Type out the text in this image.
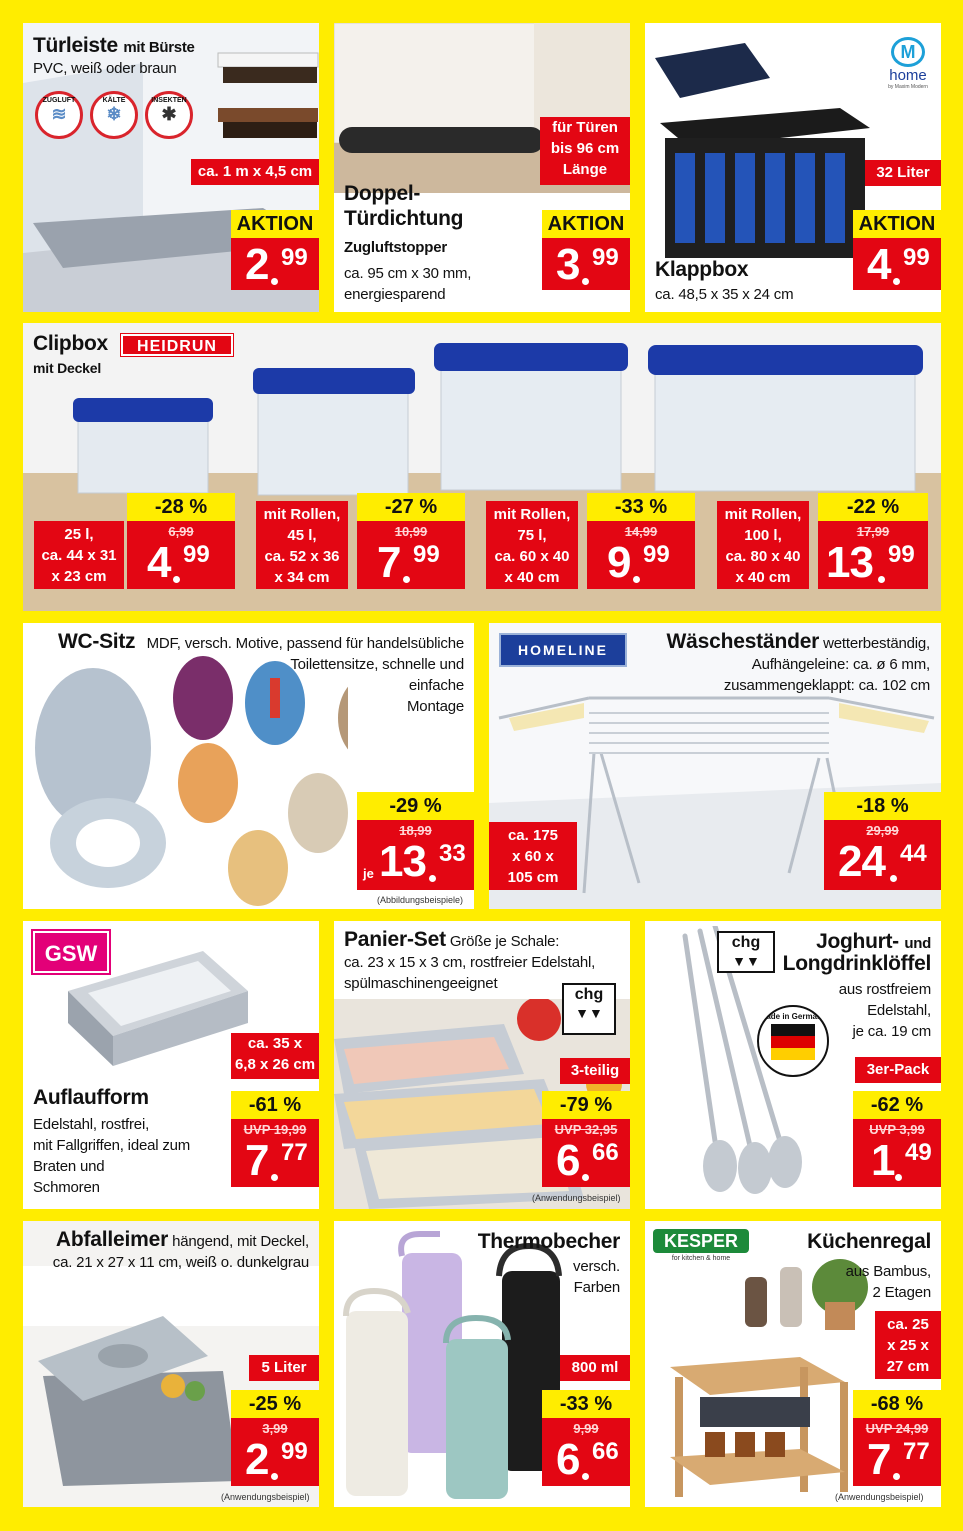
Türleiste mit Bürste
PVC, weiß oder braun
ZUGLUFT
≋
KÄLTE
❄
INSEKTEN
✱
ca. 1 m x 4,5 cm
AKTION
2 99
für Türen
bis 96 cm
Länge
Doppel-
Türdichtung
Zugluftstopper
ca. 95 cm x 30 mm,
energiesparend
AKTION
3 99
M
home
by Maxim Modern
32 Liter
Klappbox
ca. 48,5 x 35 x 24 cm
AKTION
4 99
Clipbox	HEIDRUN
mit Deckel
25 l,
ca. 44 x 31
x 23 cm
-28 %
6,99
4 99
mit Rollen,
45 l,
ca. 52 x 36
x 34 cm
-27 %
10,99
7 99
mit Rollen,
75 l,
ca. 60 x 40
x 40 cm
-33 %
14,99
9 99
mit Rollen,
100 l,
ca. 80 x 40
x 40 cm
-22 %
17,99
13 99
WC-Sitz MDF, versch. Motive, passend für handelsübliche
Toilettensitze, schnelle und
einfache
Montage
-29 %
18,99
je 13 33
(Abbildungsbeispiele)
HOMELINE	Wäscheständer wetterbeständig,
Aufhängeleine: ca. ø 6 mm,
zusammengeklappt: ca. 102 cm
ca. 175
x 60 x
105 cm
-18 %
29,99
24 44
GSW
ca. 35 x
6,8 x 26 cm
Auflaufform
Edelstahl, rostfrei,
mit Fallgriffen, ideal zum
Braten und
Schmoren
-61 %
UVP 19,99
7 77
Panier-Set Größe je Schale:
ca. 23 x 15 x 3 cm, rostfreier Edelstahl,
spülmaschinengeeignet
chg
▼▼
3-teilig
-79 %
UVP 32,95
6 66
(Anwendungsbeispiel)
chg
▼▼
Joghurt- und
Longdrinklöffel
aus rostfreiem
Edelstahl,
je ca. 19 cm
Made in Germany
3er-Pack
-62 %
UVP 3,99
1 49
Abfalleimer hängend, mit Deckel,
ca. 21 x 27 x 11 cm, weiß o. dunkelgrau
5 Liter
-25 %
3,99
2 99
(Anwendungsbeispiel)
Thermobecher
versch.
Farben
800 ml
-33 %
9,99
6 66
KESPER
for kitchen & home
Küchenregal
aus Bambus,
2 Etagen
ca. 25
x 25 x
27 cm
-68 %
UVP 24,99
7 77
(Anwendungsbeispiel)
